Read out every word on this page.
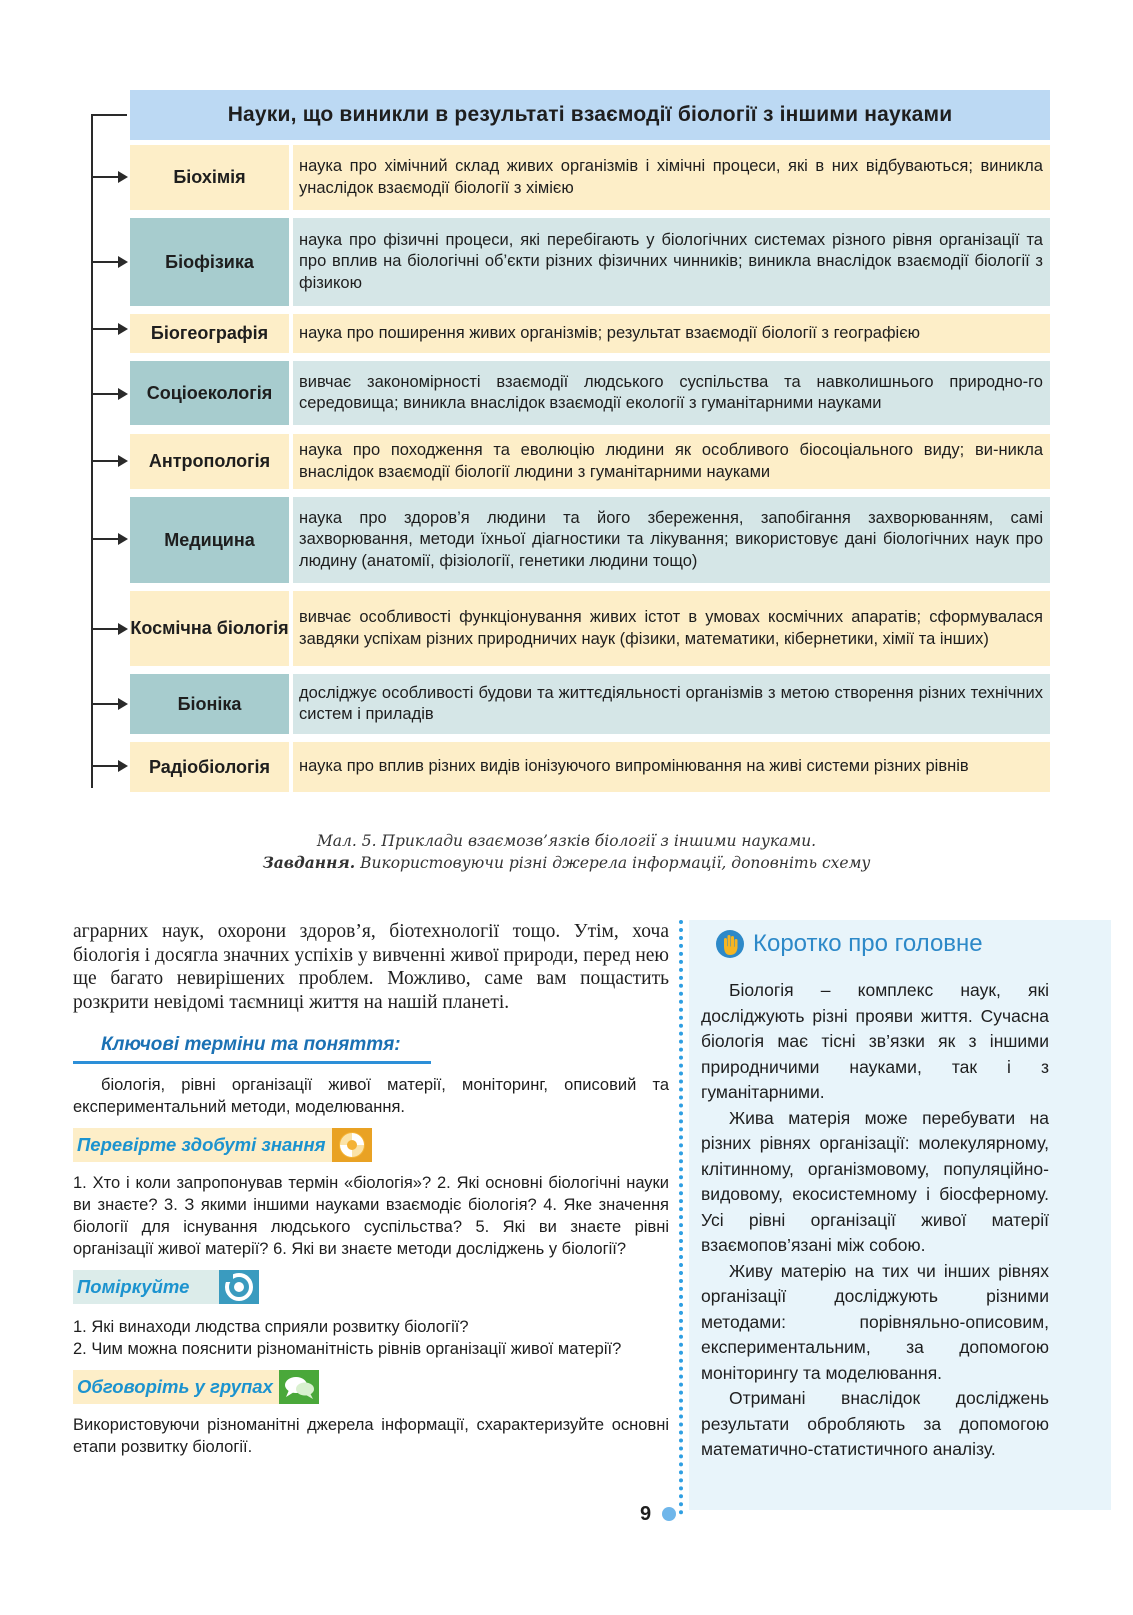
Науки, що виникли в результаті взаємодії біології з іншими науками
Біохімія
наука про хімічний склад живих організмів і хімічні процеси, які в них відбуваються; виникла унаслідок взаємодії біології з хімією
Біофізика
наука про фізичні процеси, які перебігають у біологічних системах різного рівня організації та про вплив на біологічні об’єкти різних фізичних чинників; виникла внаслідок взаємодії біології з фізикою
Біогеографія	наука про поширення живих організмів; результат взаємодії біології з географією
Соціоекологія
вивчає закономірності взаємодії людського суспільства та навколишнього природно-го середовища; виникла внаслідок взаємодії екології з гуманітарними науками
Антропологія
наука про походження та еволюцію людини як особливого біосоціального виду; ви-никла внаслідок взаємодії біології людини з гуманітарними науками
Медицина
наука про здоров’я людини та його збереження, запобігання захворюванням, самі захворювання, методи їхньої діагностики та лікування; використовує дані біологічних наук про людину (анатомії, фізіології, генетики людини тощо)
Космічна біологія
вивчає особливості функціонування живих істот в умовах космічних апаратів; сформувалася завдяки успіхам різних природничих наук (фізики, математики, кібернетики, хімії та інших)
Біоніка
досліджує особливості будови та життєдіяльності організмів з метою створення різних технічних систем і приладів
Радіобіологія	наука про вплив різних видів іонізуючого випромінювання на живі системи різних рівнів
Мал. 5. Приклади взаємозв’язків біології з іншими науками.
Завдання. Використовуючи різні джерела інформації, доповніть схему

аграрних наук, охорони здоров’я, біотехнології тощо. Утім, хоча біологія і досягла значних успіхів у вивченні живої природи, перед нею ще багато невирішених проблем. Можливо, саме вам пощастить розкрити невідомі таємниці життя на нашій планеті.

Ключові терміни та поняття:

біологія, рівні організації живої матерії, моніторинг, описовий та експериментальний методи, моделювання.

Перевірте здобуті знання

1. Хто і коли запропонував термін «біологія»? 2. Які основні біологічні науки ви знаєте? 3. З якими іншими науками взаємодіє біологія? 4. Яке значення біології для існування людського суспільства? 5. Які ви знаєте рівні організації живої матерії? 6. Які ви знаєте методи досліджень у біології?

Поміркуйте

1. Які винаходи людства сприяли розвитку біології?

2. Чим можна пояснити різноманітність рівнів організації живої матерії?

Обговоріть у групах

Використовуючи різноманітні джерела інформації, схарактеризуйте основні етапи розвитку біології.

Коротко про головне

Біологія – комплекс наук, які досліджують різні прояви життя. Сучасна біологія має тісні зв’язки як з іншими природничими науками, так і з гуманітарними.

Жива матерія може перебувати на різних рівнях організації: молекулярному, клітинному, організмовому, популяційно-видовому, екосистемному і біосферному. Усі рівні організації живої матерії взаємопов’язані між собою.

Живу матерію на тих чи інших рівнях організації досліджують різними методами: порівняльно-описовим, експериментальним, за допомогою моніторингу та моделювання.

Отримані внаслідок досліджень результати обробляють за допомогою математично-статистичного аналізу.

9
